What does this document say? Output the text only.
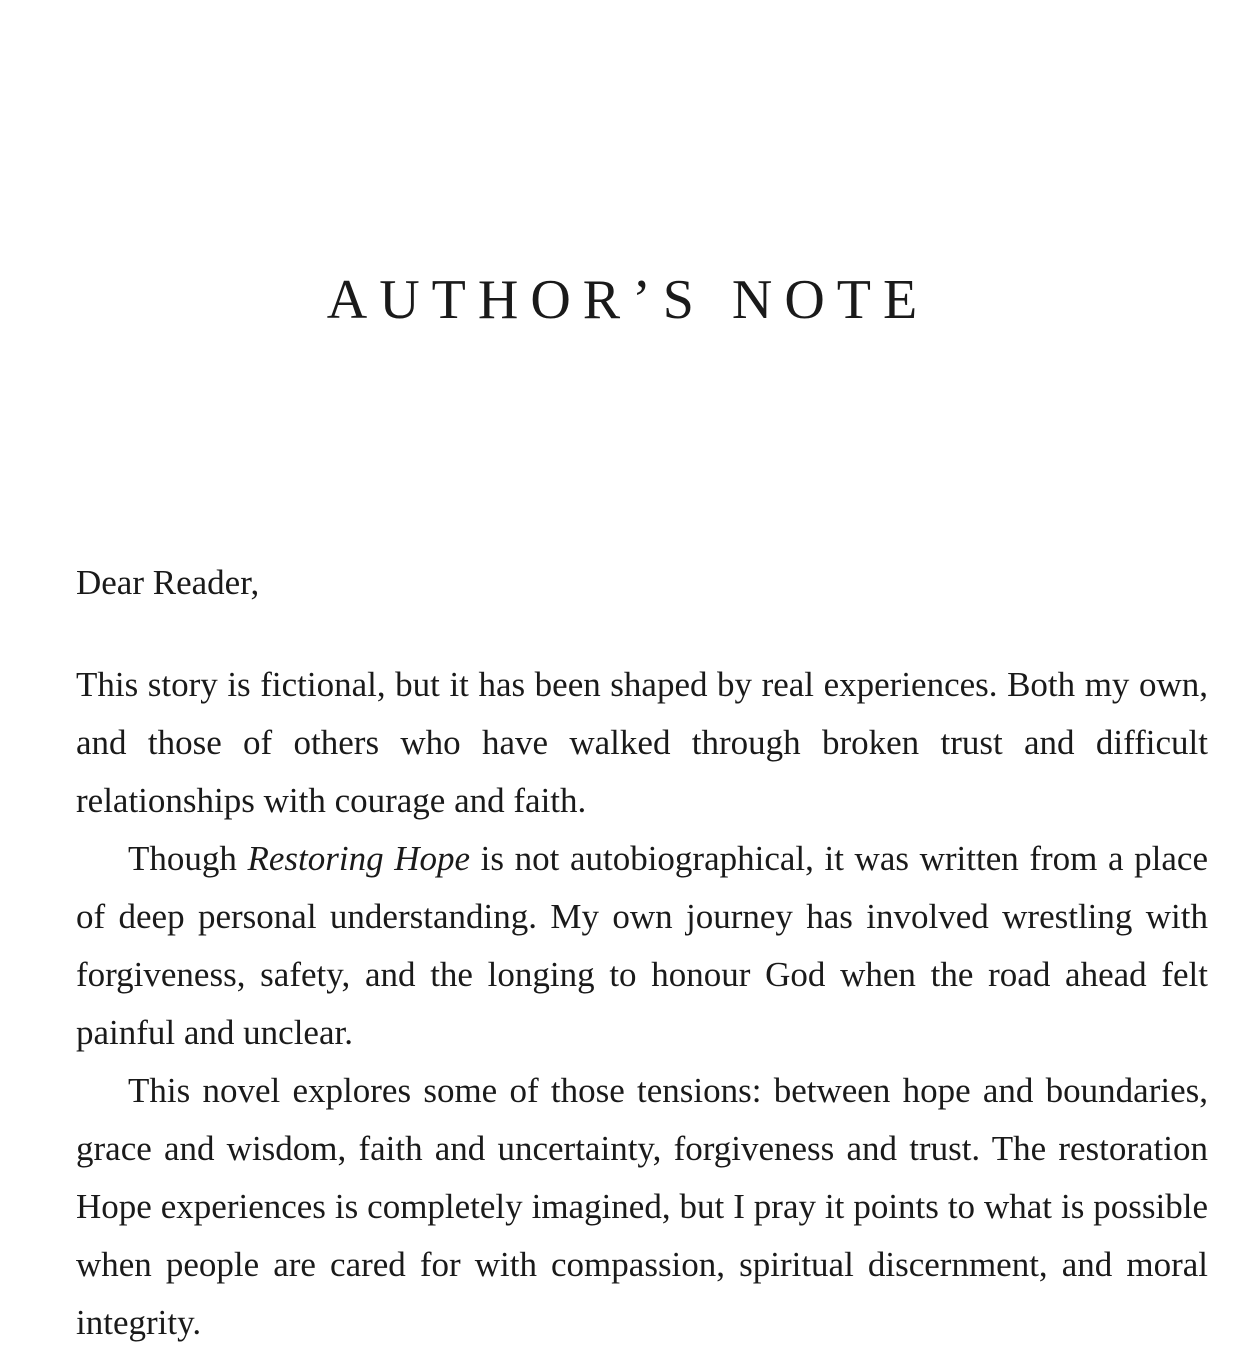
AUTHOR’S NOTE

Dear Reader,

This story is fictional, but it has been shaped by real experiences. Both my own, and those of others who have walked through broken trust and difficult relationships with courage and faith.

Though Restoring Hope is not autobiographical, it was written from a place of deep personal understanding. My own journey has involved wrestling with forgiveness, safety, and the longing to honour God when the road ahead felt painful and unclear.

This novel explores some of those tensions: between hope and boundaries, grace and wisdom, faith and uncertainty, forgiveness and trust. The restoration Hope experiences is completely imagined, but I pray it points to what is possible when people are cared for with compassion, spiritual discernment, and moral integrity.
